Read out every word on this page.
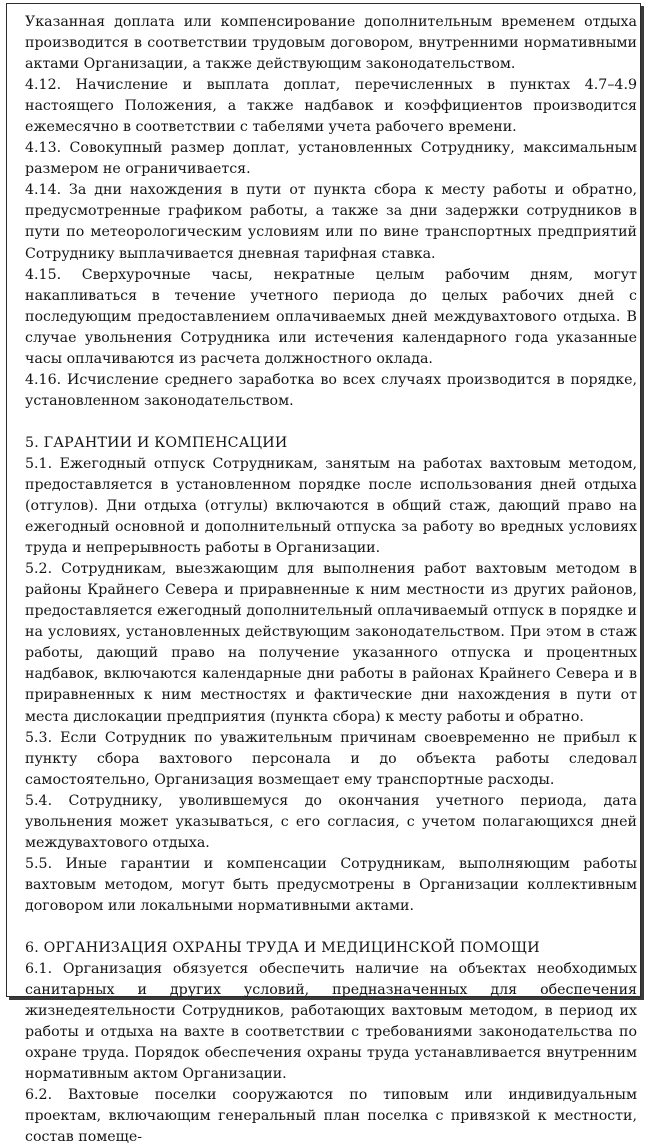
Указанная доплата или компенсирование дополнительным временем отдыха производится в соответствии трудовым договором, внутренними нормативными актами Организации, а также действующим законодательством.

4.12. Начисление и выплата доплат, перечисленных в пунктах 4.7–4.9 настоящего Положения, а также надбавок и коэффициентов производится ежемесячно в соответствии с табелями учета рабочего времени.

4.13. Совокупный размер доплат, установленных Сотруднику, максимальным размером не ограничивается.

4.14. За дни нахождения в пути от пункта сбора к месту работы и обратно, предусмотренные графиком работы, а также за дни задержки сотрудников в пути по метеорологическим условиям или по вине транспортных предприятий Сотруднику выплачивается дневная тарифная ставка.

4.15. Сверхурочные часы, некратные целым рабочим дням, могут накапливаться в течение учетного периода до целых рабочих дней с последующим предоставлением оплачиваемых дней междувахтового отдыха. В случае увольнения Сотрудника или истечения календарного года указанные часы оплачиваются из расчета должностного оклада.

4.16. Исчисление среднего заработка во всех случаях производится в порядке, установленном законодательством.

5. ГАРАНТИИ И КОМПЕНСАЦИИ

5.1. Ежегодный отпуск Сотрудникам, занятым на работах вахтовым методом, предоставляется в установленном порядке после использования дней отдыха (отгулов). Дни отдыха (отгулы) включаются в общий стаж, дающий право на ежегодный основной и дополнительный отпуска за работу во вредных условиях труда и непрерывность работы в Организации.

5.2. Сотрудникам, выезжающим для выполнения работ вахтовым методом в районы Крайнего Севера и приравненные к ним местности из других районов, предоставляется ежегодный дополнительный оплачиваемый отпуск в порядке и на условиях, установленных действующим законодательством. При этом в стаж работы, дающий право на получение указанного отпуска и процентных надбавок, включаются календарные дни работы в районах Крайнего Севера и в приравненных к ним местностях и фактические дни нахождения в пути от места дислокации предприятия (пункта сбора) к месту работы и обратно.

5.3. Если Сотрудник по уважительным причинам своевременно не прибыл к пункту сбора вахтового персонала и до объекта работы следовал самостоятельно, Организация возмещает ему транспортные расходы.

5.4. Сотруднику, уволившемуся до окончания учетного периода, дата увольнения может указываться, с его согласия, с учетом полагающихся дней междувахтового отдыха.

5.5. Иные гарантии и компенсации Сотрудникам, выполняющим работы вахтовым методом, могут быть предусмотрены в Организации коллективным договором или локальными нормативными актами.

6. ОРГАНИЗАЦИЯ ОХРАНЫ ТРУДА И МЕДИЦИНСКОЙ ПОМОЩИ

6.1. Организация обязуется обеспечить наличие на объектах необходимых санитарных и других условий, предназначенных для обеспечения жизнедеятельности Сотрудников, работающих вахтовым методом, в период их работы и отдыха на вахте в соответствии с требованиями законодательства по охране труда. Порядок обеспечения охраны труда устанавливается внутренним нормативным актом Организации.

6.2. Вахтовые поселки сооружаются по типовым или индивидуальным проектам, включающим генеральный план поселка с привязкой к местности, состав помеще-
